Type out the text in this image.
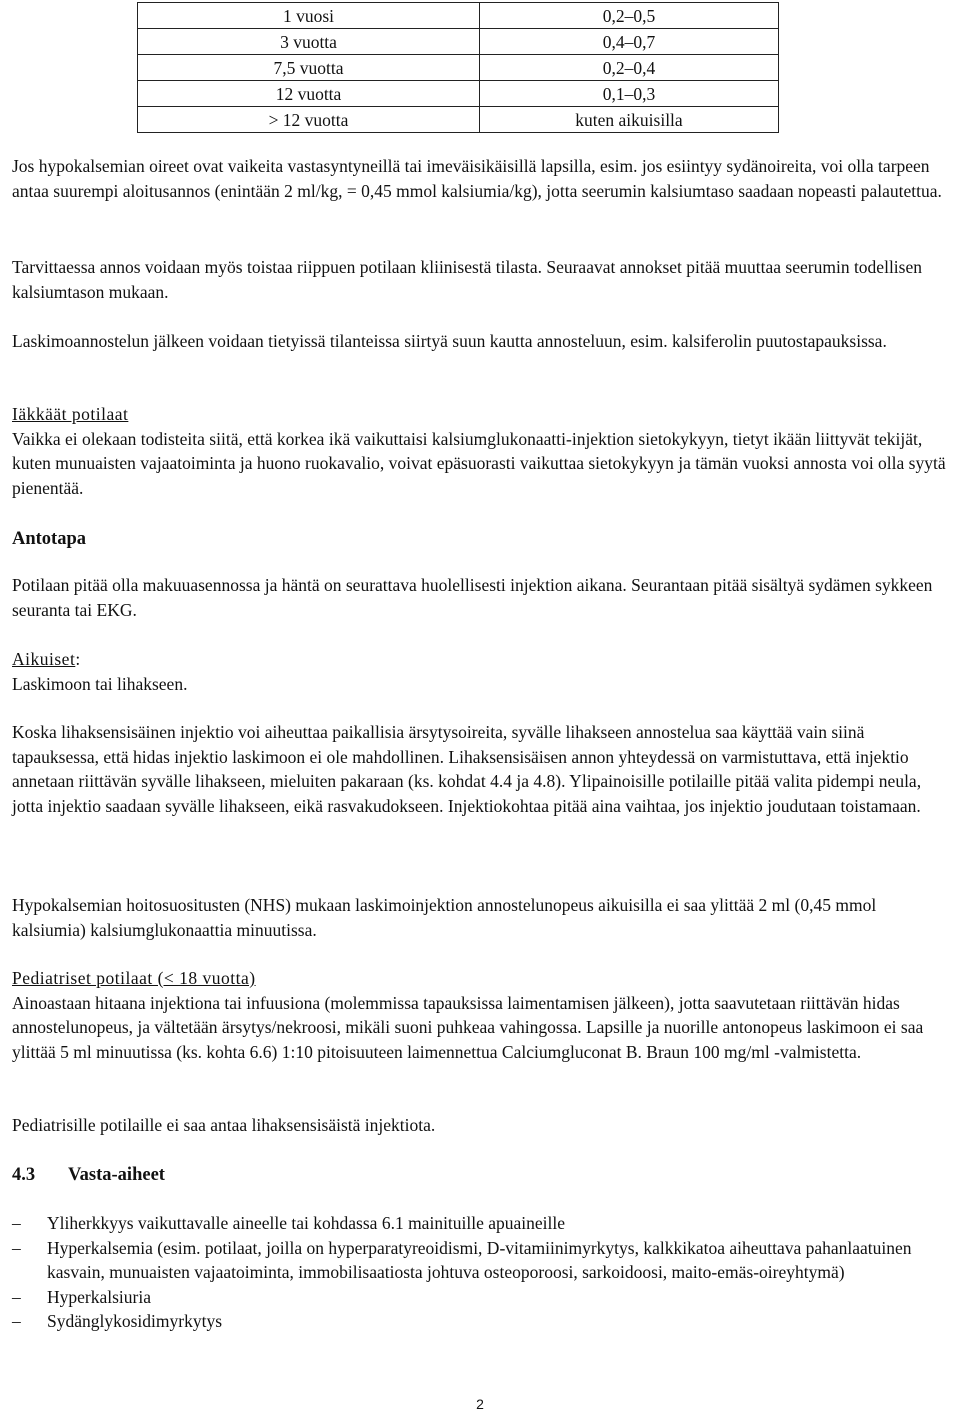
1 vuosi	0,2–0,5
3 vuotta	0,4–0,7
7,5 vuotta	0,2–0,4
12 vuotta	0,1–0,3
> 12 vuotta	kuten aikuisilla

Jos hypokalsemian oireet ovat vaikeita vastasyntyneillä tai imeväisikäisillä lapsilla, esim. jos esiintyy sydänoireita, voi olla tarpeen antaa suurempi aloitusannos (enintään 2 ml/kg, = 0,45 mmol kalsiumia/kg), jotta seerumin kalsiumtaso saadaan nopeasti palautettua.

Tarvittaessa annos voidaan myös toistaa riippuen potilaan kliinisestä tilasta. Seuraavat annokset pitää muuttaa seerumin todellisen kalsiumtason mukaan.

Laskimoannostelun jälkeen voidaan tietyissä tilanteissa siirtyä suun kautta annosteluun, esim. kalsiferolin puutostapauksissa.

Iäkkäät potilaat
Vaikka ei olekaan todisteita siitä, että korkea ikä vaikuttaisi kalsiumglukonaatti-injektion sietokykyyn, tietyt ikään liittyvät tekijät, kuten munuaisten vajaatoiminta ja huono ruokavalio, voivat epäsuorasti vaikuttaa sietokykyyn ja tämän vuoksi annosta voi olla syytä pienentää.
Antotapa

Potilaan pitää olla makuuasennossa ja häntä on seurattava huolellisesti injektion aikana. Seurantaan pitää sisältyä sydämen sykkeen seuranta tai EKG.

Aikuiset:
Laskimoon tai lihakseen.

Koska lihaksensisäinen injektio voi aiheuttaa paikallisia ärsytysoireita, syvälle lihakseen annostelua saa käyttää vain siinä tapauksessa, että hidas injektio laskimoon ei ole mahdollinen. Lihaksensisäisen annon yhteydessä on varmistuttava, että injektio annetaan riittävän syvälle lihakseen, mieluiten pakaraan (ks. kohdat 4.4 ja 4.8). Ylipainoisille potilaille pitää valita pidempi neula, jotta injektio saadaan syvälle lihakseen, eikä rasvakudokseen. Injektiokohtaa pitää aina vaihtaa, jos injektio joudutaan toistamaan.

Hypokalsemian hoitosuositusten (NHS) mukaan laskimoinjektion annostelunopeus aikuisilla ei saa ylittää 2 ml (0,45 mmol kalsiumia) kalsiumglukonaattia minuutissa.

Pediatriset potilaat (< 18 vuotta)
Ainoastaan hitaana injektiona tai infuusiona (molemmissa tapauksissa laimentamisen jälkeen), jotta saavutetaan riittävän hidas annostelunopeus, ja vältetään ärsytys/nekroosi, mikäli suoni puhkeaa vahingossa. Lapsille ja nuorille antonopeus laskimoon ei saa ylittää 5 ml minuutissa (ks. kohta 6.6) 1:10 pitoisuuteen laimennettua Calciumgluconat B. Braun 100 mg/ml -valmistetta.

Pediatrisille potilaille ei saa antaa lihaksensisäistä injektiota.

4.3 Vasta-aiheet
– Yliherkkyys vaikuttavalle aineelle tai kohdassa 6.1 mainituille apuaineille
– Hyperkalsemia (esim. potilaat, joilla on hyperparatyreoidismi, D-vitamiinimyrkytys, kalkkikatoa aiheuttava pahanlaatuinen kasvain, munuaisten vajaatoiminta, immobilisaatiosta johtuva osteoporoosi, sarkoidoosi, maito-emäs-oireyhtymä)
– Hyperkalsiuria
– Sydänglykosidimyrkytys
2
